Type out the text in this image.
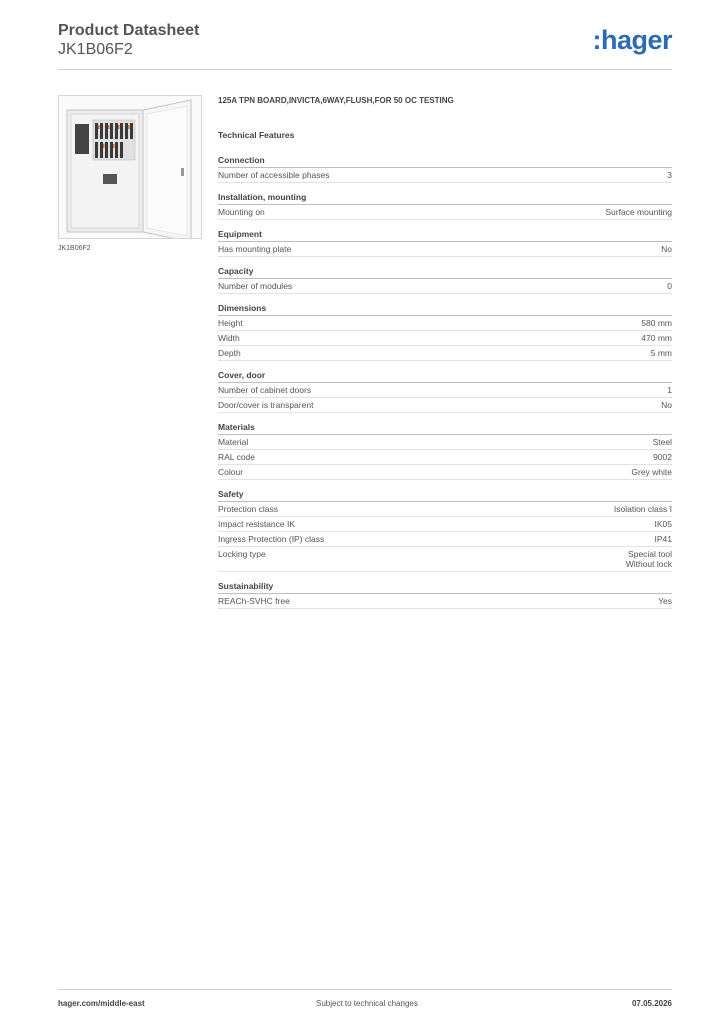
Product Datasheet
JK1B06F2	:hager
JK1B06F2
125A TPN BOARD,INVICTA,6WAY,FLUSH,FOR 50 OC TESTING
Technical Features
Connection
Number of accessible phases	3
Installation, mounting
Mounting on	Surface mounting
Equipment
Has mounting plate	No
Capacity
Number of modules	0
Dimensions
Height	580 mm
Width	470 mm
Depth	5 mm
Cover, door
Number of cabinet doors	1
Door/cover is transparent	No
Materials
Material	Steel
RAL code	9002
Colour	Grey white
Safety
Protection class	Isolation class I
Impact resistance IK	IK05
Ingress Protection (IP) class	IP41
Locking type	Special tool
Without lock
Sustainability
REACh-SVHC free	Yes
hager.com/middle-east	Subject to technical changes	07.05.2026
